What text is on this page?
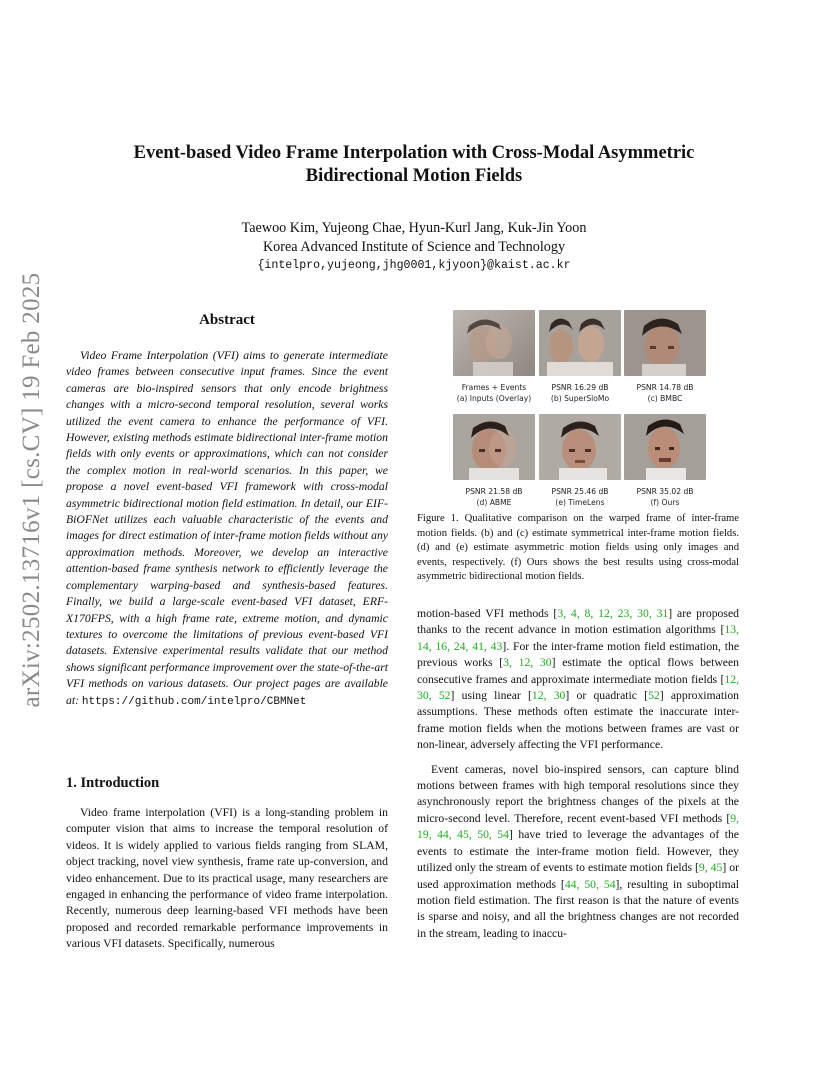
arXiv:2502.13716v1 [cs.CV] 19 Feb 2025
Event-based Video Frame Interpolation with Cross-Modal Asymmetric
Bidirectional Motion Fields
Taewoo Kim, Yujeong Chae, Hyun-Kurl Jang, Kuk-Jin Yoon
Korea Advanced Institute of Science and Technology
{intelpro,yujeong,jhg0001,kjyoon}@kaist.ac.kr
Abstract
Video Frame Interpolation (VFI) aims to generate intermediate video frames between consecutive input frames. Since the event cameras are bio-inspired sensors that only encode brightness changes with a micro-second temporal resolution, several works utilized the event camera to enhance the performance of VFI. However, existing methods estimate bidirectional inter-frame motion fields with only events or approximations, which can not consider the complex motion in real-world scenarios. In this paper, we propose a novel event-based VFI framework with cross-modal asymmetric bidirectional motion field estimation. In detail, our EIF-BiOFNet utilizes each valuable characteristic of the events and images for direct estimation of inter-frame motion fields without any approximation methods. Moreover, we develop an interactive attention-based frame synthesis network to efficiently leverage the complementary warping-based and synthesis-based features. Finally, we build a large-scale event-based VFI dataset, ERF-X170FPS, with a high frame rate, extreme motion, and dynamic textures to overcome the limitations of previous event-based VFI datasets. Extensive experimental results validate that our method shows significant performance improvement over the state-of-the-art VFI methods on various datasets. Our project pages are available at: https://github.com/intelpro/CBMNet
1. Introduction
Video frame interpolation (VFI) is a long-standing problem in computer vision that aims to increase the temporal resolution of videos. It is widely applied to various fields ranging from SLAM, object tracking, novel view synthesis, frame rate up-conversion, and video enhancement. Due to its practical usage, many researchers are engaged in enhancing the performance of video frame interpolation. Recently, numerous deep learning-based VFI methods have been proposed and recorded remarkable performance improvements in various VFI datasets. Specifically, numerous
Frames + Events
(a) Inputs (Overlay)
PSNR 16.29 dB
(b) SuperSloMo
PSNR 14.78 dB
(c) BMBC
PSNR 21.58 dB
(d) ABME
PSNR 25.46 dB
(e) TimeLens
PSNR 35.02 dB
(f) Ours
Figure 1. Qualitative comparison on the warped frame of inter-frame motion fields. (b) and (c) estimate symmetrical inter-frame motion fields. (d) and (e) estimate asymmetric motion fields using only images and events, respectively. (f) Ours shows the best results using cross-modal asymmetric bidirectional motion fields.

motion-based VFI methods [3, 4, 8, 12, 23, 30, 31] are proposed thanks to the recent advance in motion estimation algorithms [13, 14, 16, 24, 41, 43]. For the inter-frame motion field estimation, the previous works [3, 12, 30] estimate the optical flows between consecutive frames and approximate intermediate motion fields [12, 30, 52] using linear [12, 30] or quadratic [52] approximation assumptions. These methods often estimate the inaccurate inter-frame motion fields when the motions between frames are vast or non-linear, adversely affecting the VFI performance.

Event cameras, novel bio-inspired sensors, can capture blind motions between frames with high temporal resolutions since they asynchronously report the brightness changes of the pixels at the micro-second level. Therefore, recent event-based VFI methods [9, 19, 44, 45, 50, 54] have tried to leverage the advantages of the events to estimate the inter-frame motion field. However, they utilized only the stream of events to estimate motion fields [9, 45] or used approximation methods [44, 50, 54], resulting in suboptimal motion field estimation. The first reason is that the nature of events is sparse and noisy, and all the brightness changes are not recorded in the stream, leading to inaccu-
